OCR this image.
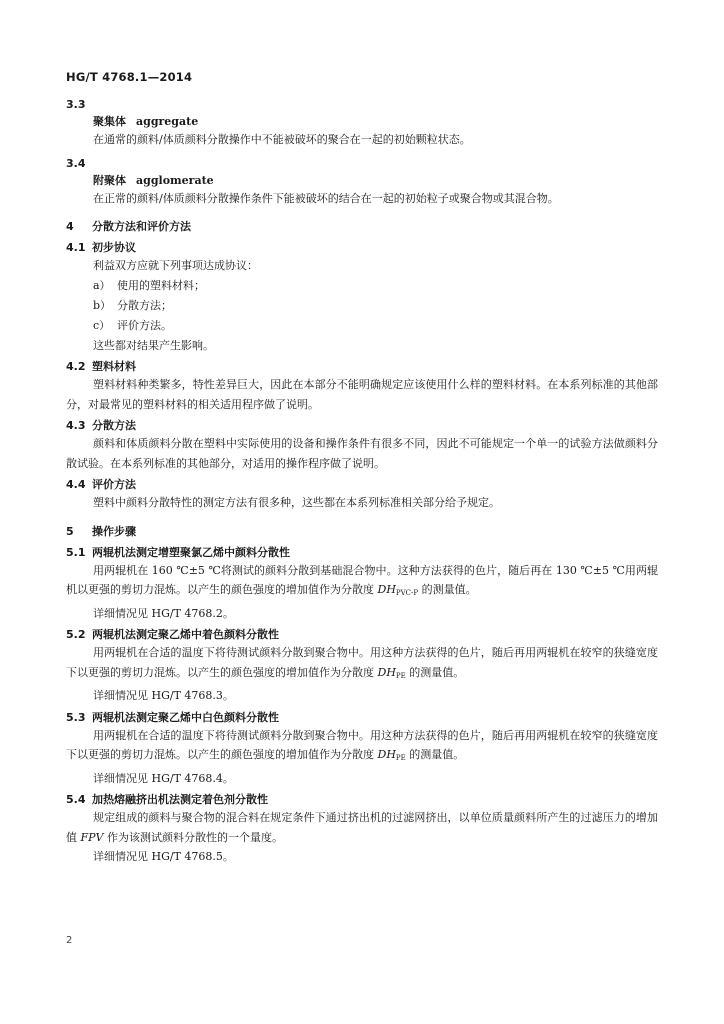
HG/T 4768.1—2014
3.3
聚集体 aggregate

在通常的颜料/体质颜料分散操作中不能被破坏的聚合在一起的初始颗粒状态。

3.4
附聚体 agglomerate

在正常的颜料/体质颜料分散操作条件下能被破坏的结合在一起的初始粒子或聚合物或其混合物。

4 分散方法和评价方法
4.1 初步协议

利益双方应就下列事项达成协议：

a） 使用的塑料材料；
b） 分散方法；
c） 评价方法。

这些都对结果产生影响。

4.2 塑料材料

塑料材料种类繁多，特性差异巨大，因此在本部分不能明确规定应该使用什么样的塑料材料。在本系列标准的其他部分，对最常见的塑料材料的相关适用程序做了说明。

4.3 分散方法

颜料和体质颜料分散在塑料中实际使用的设备和操作条件有很多不同，因此不可能规定一个单一的试验方法做颜料分散试验。在本系列标准的其他部分，对适用的操作程序做了说明。

4.4 评价方法

塑料中颜料分散特性的测定方法有很多种，这些都在本系列标准相关部分给予规定。

5 操作步骤
5.1 两辊机法测定增塑聚氯乙烯中颜料分散性

用两辊机在 160 ℃±5 ℃将测试的颜料分散到基础混合物中。这种方法获得的色片，随后再在 130 ℃±5 ℃用两辊机以更强的剪切力混炼。以产生的颜色强度的增加值作为分散度 DHPVC-P 的测量值。

详细情况见 HG/T 4768.2。

5.2 两辊机法测定聚乙烯中着色颜料分散性

用两辊机在合适的温度下将待测试颜料分散到聚合物中。用这种方法获得的色片，随后再用两辊机在较窄的狭缝宽度下以更强的剪切力混炼。以产生的颜色强度的增加值作为分散度 DHPE 的测量值。

详细情况见 HG/T 4768.3。

5.3 两辊机法测定聚乙烯中白色颜料分散性

用两辊机在合适的温度下将待测试颜料分散到聚合物中。用这种方法获得的色片，随后再用两辊机在较窄的狭缝宽度下以更强的剪切力混炼。以产生的颜色强度的增加值作为分散度 DHPE 的测量值。

详细情况见 HG/T 4768.4。

5.4 加热熔融挤出机法测定着色剂分散性

规定组成的颜料与聚合物的混合料在规定条件下通过挤出机的过滤网挤出，以单位质量颜料所产生的过滤压力的增加值 FPV 作为该测试颜料分散性的一个量度。

详细情况见 HG/T 4768.5。

2
